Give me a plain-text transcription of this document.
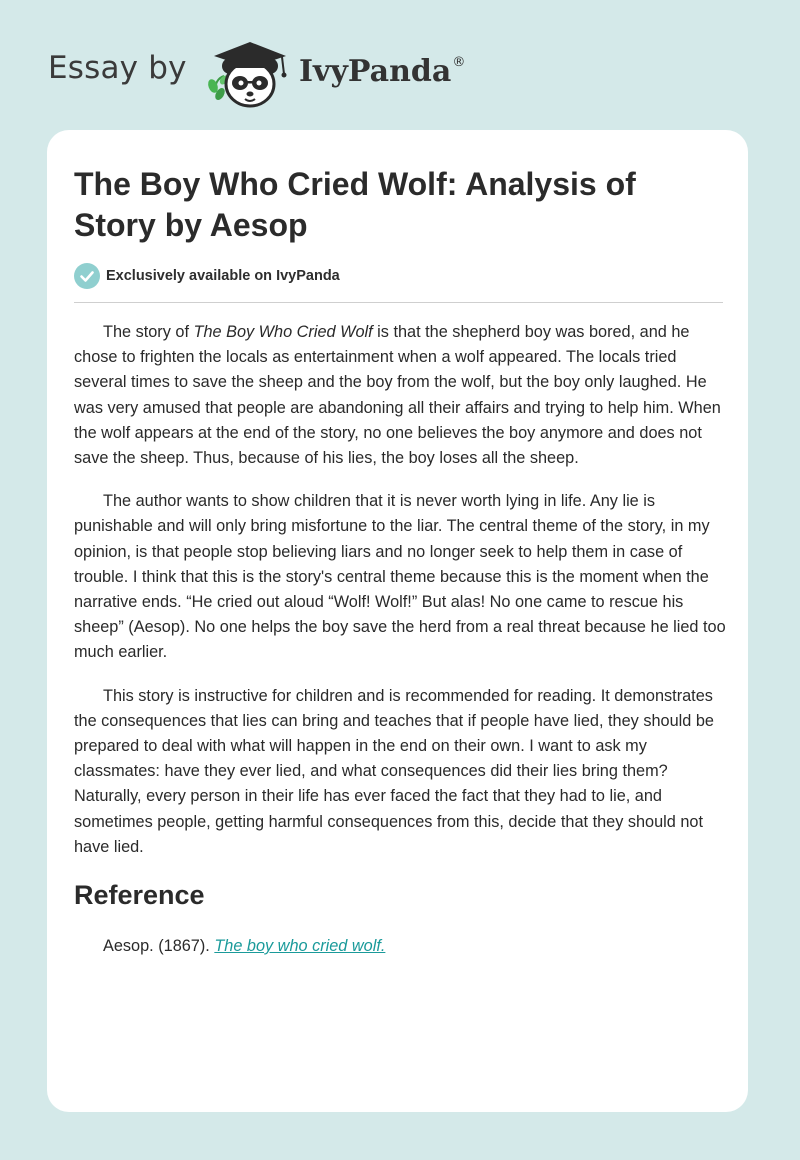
Essay by	IvyPanda®
The Boy Who Cried Wolf: Analysis of Story by Aesop
Exclusively available on IvyPanda

The story of The Boy Who Cried Wolf is that the shepherd boy was bored, and he chose to frighten the locals as entertainment when a wolf appeared. The locals tried several times to save the sheep and the boy from the wolf, but the boy only laughed. He was very amused that people are abandoning all their affairs and trying to help him. When the wolf appears at the end of the story, no one believes the boy anymore and does not save the sheep. Thus, because of his lies, the boy loses all the sheep.

The author wants to show children that it is never worth lying in life. Any lie is punishable and will only bring misfortune to the liar. The central theme of the story, in my opinion, is that people stop believing liars and no longer seek to help them in case of trouble. I think that this is the story's central theme because this is the moment when the narrative ends. “He cried out aloud “Wolf! Wolf!” But alas! No one came to rescue his sheep” (Aesop). No one helps the boy save the herd from a real threat because he lied too much earlier.

This story is instructive for children and is recommended for reading. It demonstrates the consequences that lies can bring and teaches that if people have lied, they should be prepared to deal with what will happen in the end on their own. I want to ask my classmates: have they ever lied, and what consequences did their lies bring them? Naturally, every person in their life has ever faced the fact that they had to lie, and sometimes people, getting harmful consequences from this, decide that they should not have lied.

Reference
Aesop. (1867). The boy who cried wolf.
